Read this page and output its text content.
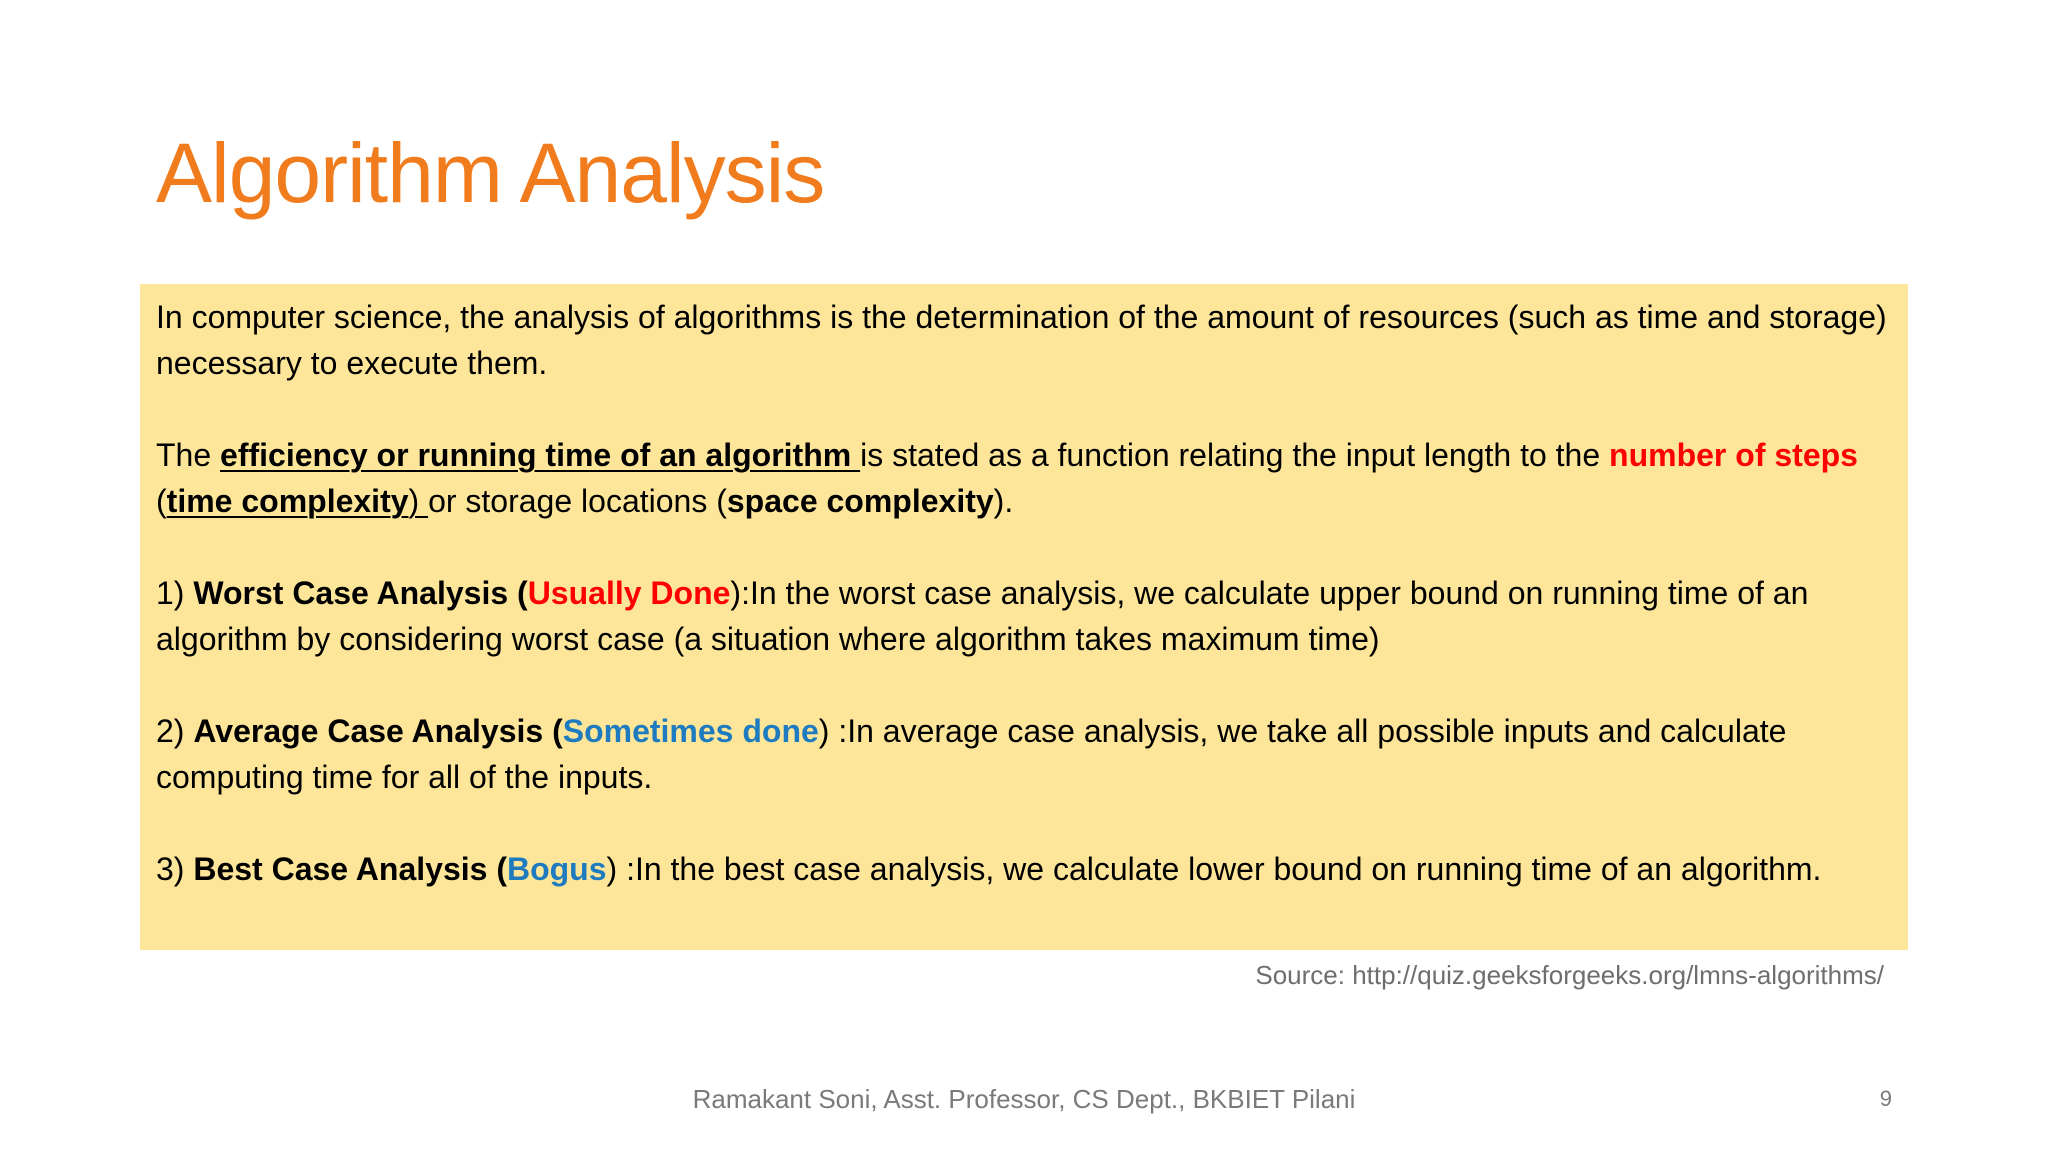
Algorithm Analysis

In computer science, the analysis of algorithms is the determination of the amount of resources (such as time and storage) necessary to execute them.

The efficiency or running time of an algorithm is stated as a function relating the input length to the number of steps (time complexity) or storage locations (space complexity).

1) Worst Case Analysis (Usually Done):In the worst case analysis, we calculate upper bound on running time of an algorithm by considering worst case (a situation where algorithm takes maximum time)

2) Average Case Analysis (Sometimes done) :In average case analysis, we take all possible inputs and calculate computing time for all of the inputs.

3) Best Case Analysis (Bogus) :In the best case analysis, we calculate lower bound on running time of an algorithm.

Source: http://quiz.geeksforgeeks.org/lmns-algorithms/
Ramakant Soni, Asst. Professor, CS Dept., BKBIET Pilani	9
